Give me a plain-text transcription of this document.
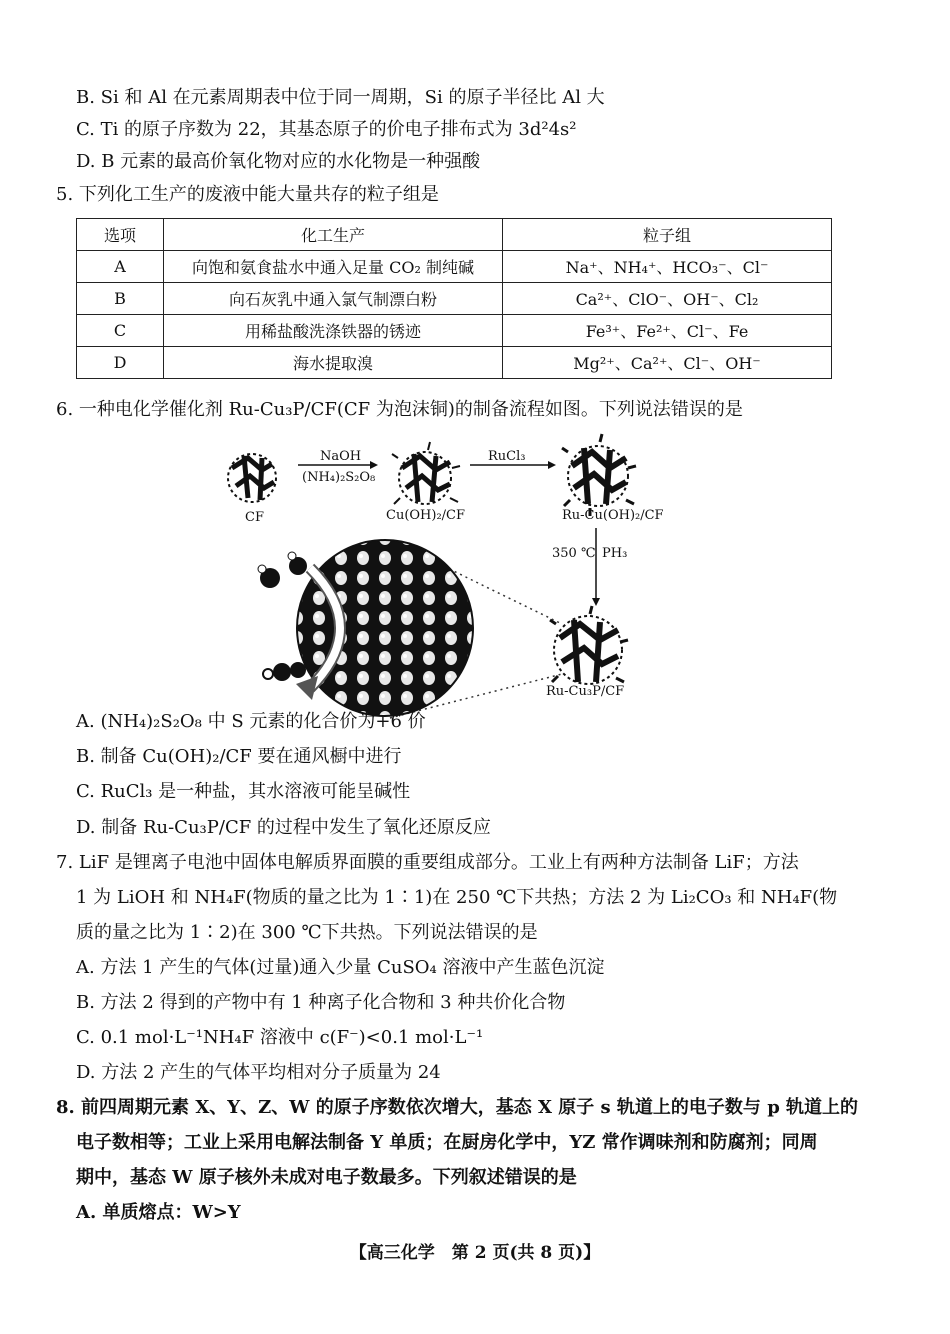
B. Si 和 Al 在元素周期表中位于同一周期，Si 的原子半径比 Al 大
C. Ti 的原子序数为 22，其基态原子的价电子排布式为 3d²4s²
D. B 元素的最高价氧化物对应的水化物是一种强酸
5. 下列化工生产的废液中能大量共存的粒子组是
选项	化工生产	粒子组
A	向饱和氨食盐水中通入足量 CO₂ 制纯碱	Na⁺、NH₄⁺、HCO₃⁻、Cl⁻
B	向石灰乳中通入氯气制漂白粉	Ca²⁺、ClO⁻、OH⁻、Cl₂
C	用稀盐酸洗涤铁器的锈迹	Fe³⁺、Fe²⁺、Cl⁻、Fe
D	海水提取溴	Mg²⁺、Ca²⁺、Cl⁻、OH⁻
6. 一种电化学催化剂 Ru-Cu₃P/CF(CF 为泡沫铜)的制备流程如图。下列说法错误的是
CF
NaOH
(NH₄)₂S₂O₈
Cu(OH)₂/CF
RuCl₃
Ru-Cu(OH)₂/CF
350 ℃ PH₃
Ru-Cu₃P/CF
A. (NH₄)₂S₂O₈ 中 S 元素的化合价为+6 价
B. 制备 Cu(OH)₂/CF 要在通风橱中进行
C. RuCl₃ 是一种盐，其水溶液可能呈碱性
D. 制备 Ru-Cu₃P/CF 的过程中发生了氧化还原反应
7. LiF 是锂离子电池中固体电解质界面膜的重要组成部分。工业上有两种方法制备 LiF；方法
1 为 LiOH 和 NH₄F(物质的量之比为 1∶1)在 250 ℃下共热；方法 2 为 Li₂CO₃ 和 NH₄F(物
质的量之比为 1∶2)在 300 ℃下共热。下列说法错误的是
A. 方法 1 产生的气体(过量)通入少量 CuSO₄ 溶液中产生蓝色沉淀
B. 方法 2 得到的产物中有 1 种离子化合物和 3 种共价化合物
C. 0.1 mol·L⁻¹NH₄F 溶液中 c(F⁻)<0.1 mol·L⁻¹
D. 方法 2 产生的气体平均相对分子质量为 24
8. 前四周期元素 X、Y、Z、W 的原子序数依次增大，基态 X 原子 s 轨道上的电子数与 p 轨道上的
电子数相等；工业上采用电解法制备 Y 单质；在厨房化学中，YZ 常作调味剂和防腐剂；同周
期中，基态 W 原子核外未成对电子数最多。下列叙述错误的是
A. 单质熔点：W>Y
【高三化学　第 2 页(共 8 页)】
